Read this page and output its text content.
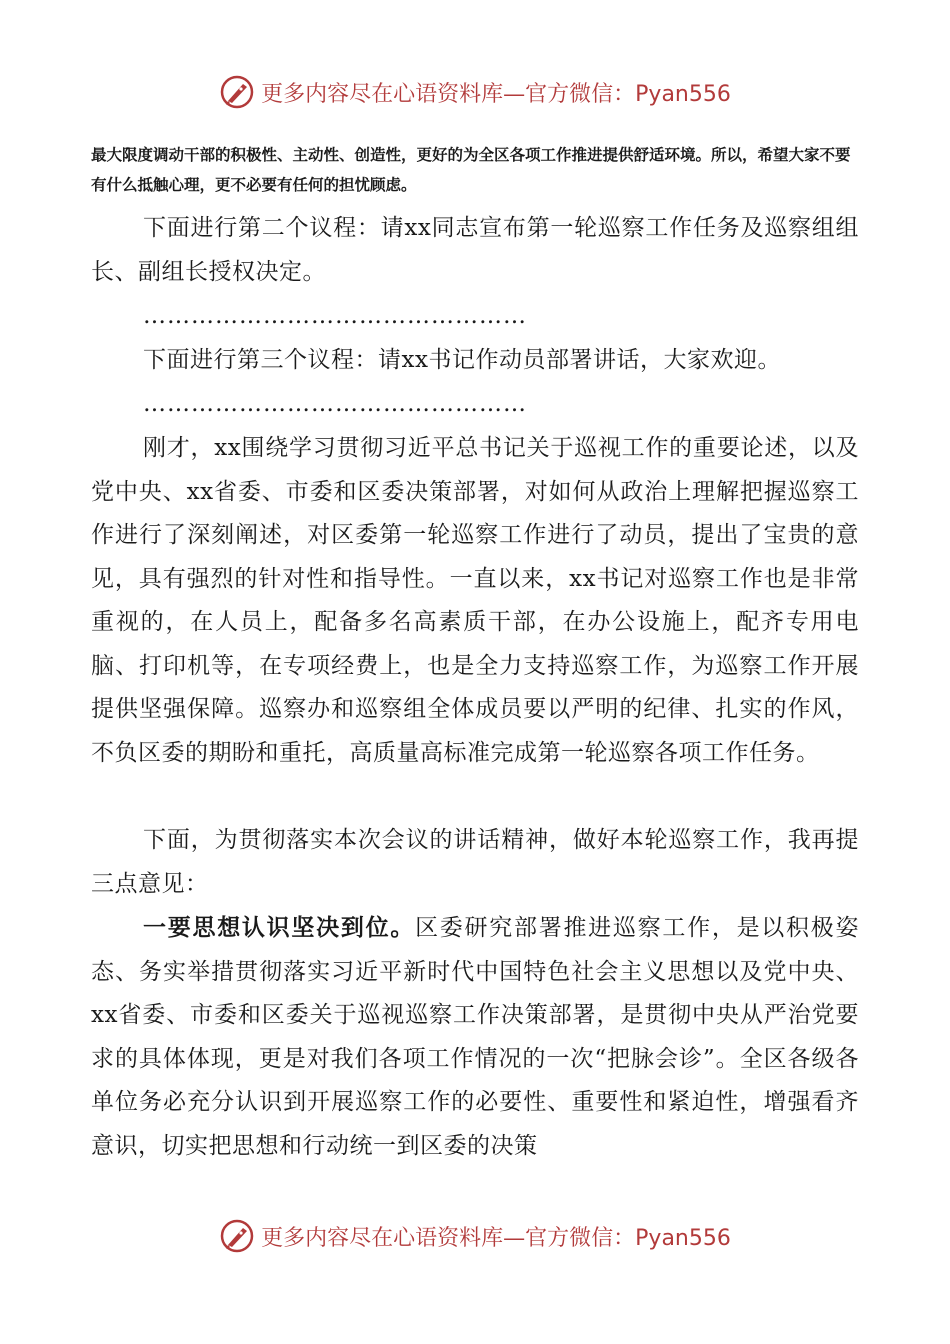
更多内容尽在心语资料库—官方微信：Pyan556

最大限度调动干部的积极性、主动性、创造性，更好的为全区各项工作推进提供舒适环境。所以，希望大家不要有什么抵触心理，更不必要有任何的担忧顾虑。

下面进行第二个议程：请xx同志宣布第一轮巡察工作任务及巡察组组长、副组长授权决定。

…………………………………………

下面进行第三个议程：请xx书记作动员部署讲话，大家欢迎。

…………………………………………

刚才，xx围绕学习贯彻习近平总书记关于巡视工作的重要论述，以及党中央、xx省委、市委和区委决策部署，对如何从政治上理解把握巡察工作进行了深刻阐述，对区委第一轮巡察工作进行了动员，提出了宝贵的意见，具有强烈的针对性和指导性。一直以来，xx书记对巡察工作也是非常重视的，在人员上，配备多名高素质干部，在办公设施上，配齐专用电脑、打印机等，在专项经费上，也是全力支持巡察工作，为巡察工作开展提供坚强保障。巡察办和巡察组全体成员要以严明的纪律、扎实的作风，不负区委的期盼和重托，高质量高标准完成第一轮巡察各项工作任务。

下面，为贯彻落实本次会议的讲话精神，做好本轮巡察工作，我再提三点意见：

一要思想认识坚决到位。区委研究部署推进巡察工作，是以积极姿态、务实举措贯彻落实习近平新时代中国特色社会主义思想以及党中央、xx省委、市委和区委关于巡视巡察工作决策部署，是贯彻中央从严治党要求的具体体现，更是对我们各项工作情况的一次“把脉会诊”。全区各级各单位务必充分认识到开展巡察工作的必要性、重要性和紧迫性，增强看齐意识，切实把思想和行动统一到区委的决策

更多内容尽在心语资料库—官方微信：Pyan556
